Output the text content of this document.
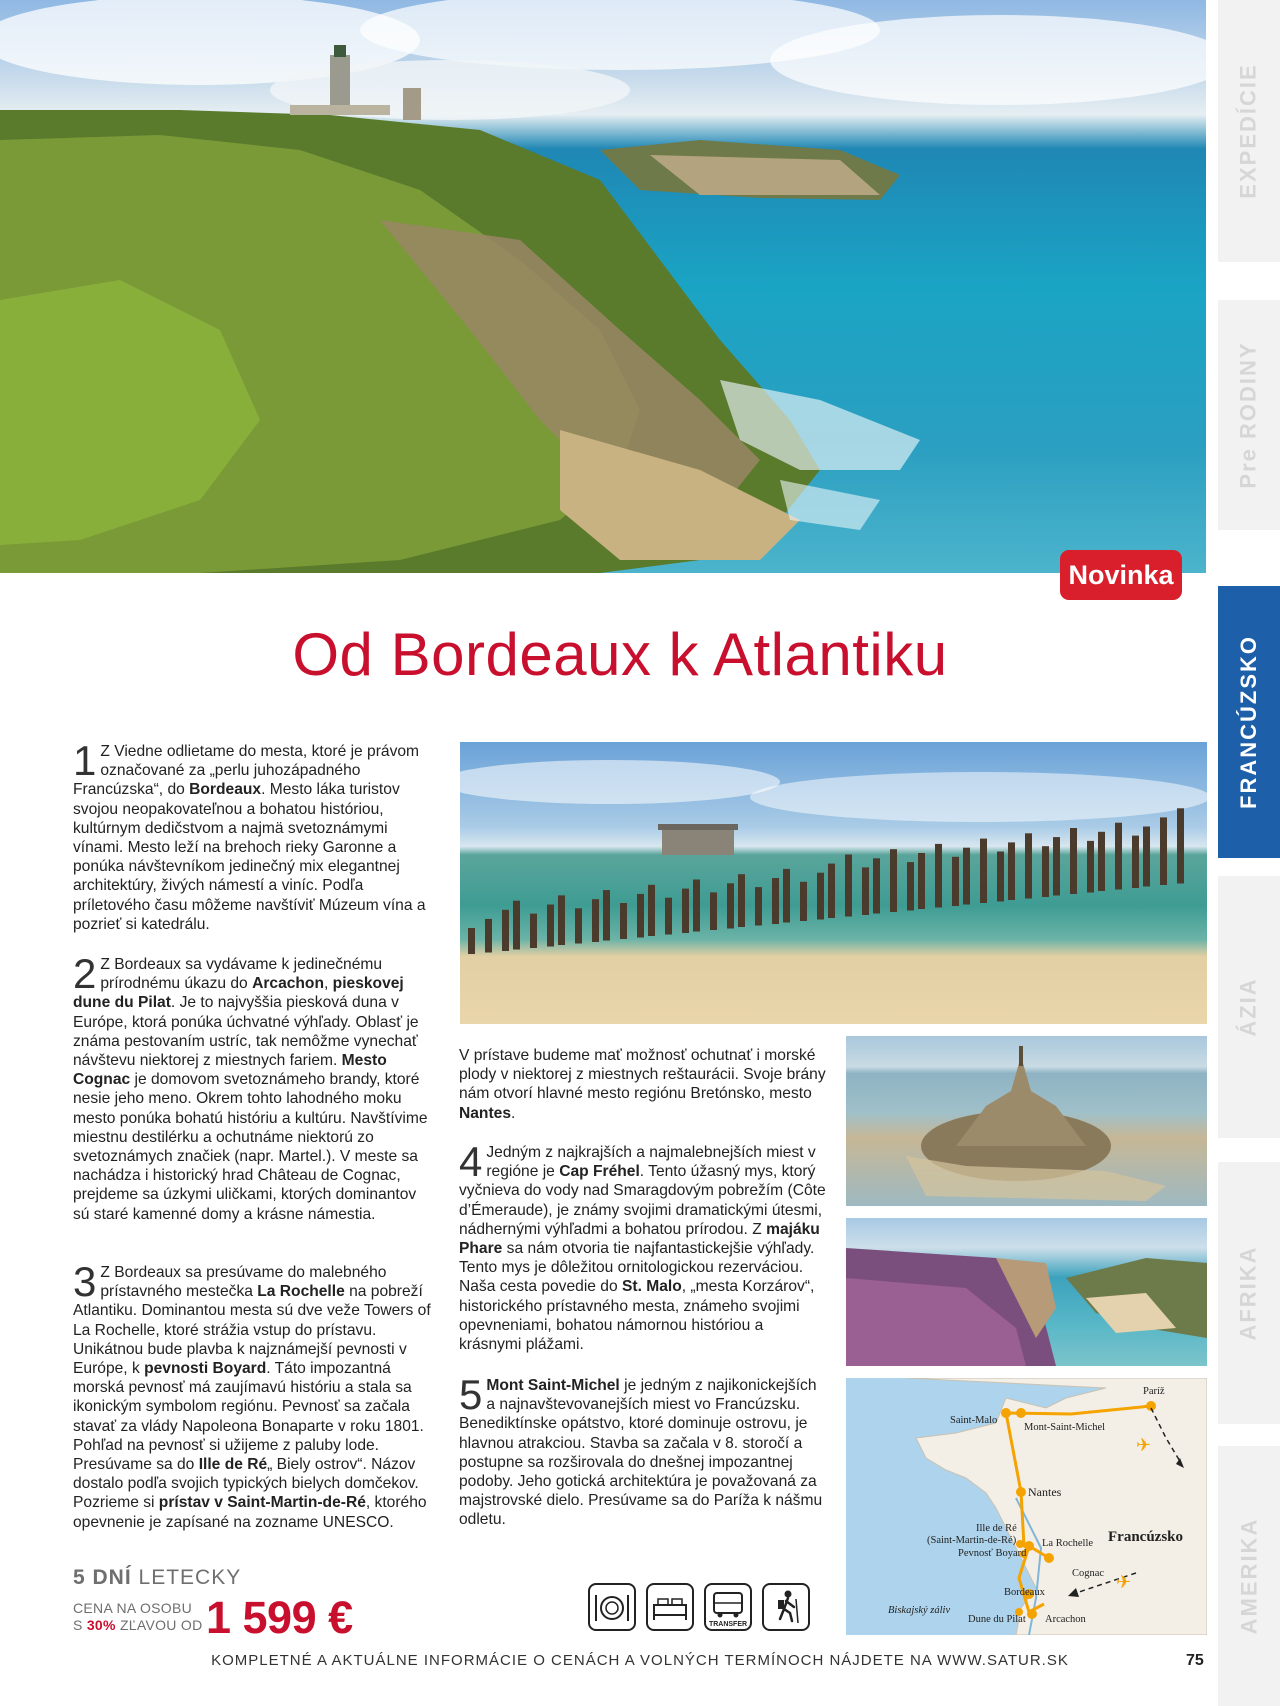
Novinka
EXPEDÍCIE
Pre RODINY
FRANCÚZSKO
ÁZIA
AFRIKA
AMERIKA
Od Bordeaux k Atlantiku

1 Z Viedne odlietame do mesta, ktoré je právom označované za „perlu juhozápadného Francúzska“, do Bordeaux. Mesto láka turistov svojou neopakovateľnou a bohatou históriou, kultúrnym dedičstvom a najmä svetoznámymi vínami. Mesto leží na brehoch rieky Garonne a ponúka návštevníkom jedinečný mix elegantnej architektúry, živých námestí a viníc. Podľa príletového času môžeme navštíviť Múzeum vína a pozrieť si katedrálu.

2 Z Bordeaux sa vydávame k jedinečnému prírodnému úkazu do Arcachon, pieskovej dune du Pilat. Je to najvyššia piesková duna v Európe, ktorá ponúka úchvatné výhľady. Oblasť je známa pestovaním ustríc, tak nemôžme vynechať návštevu niektorej z miestnych fariem. Mesto Cognac je domovom svetoznámeho brandy, ktoré nesie jeho meno. Okrem tohto lahodného moku mesto ponúka bohatú históriu a kultúru. Navštívime miestnu destilérku a ochutnáme niektorú zo svetoznámych značiek (napr. Martel.). V meste sa nachádza i historický hrad Château de Cognac, prejdeme sa úzkymi uličkami, ktorých dominantov sú staré kamenné domy a krásne námestia.

3 Z Bordeaux sa presúvame do malebného prístavného mestečka La Rochelle na pobreží Atlantiku. Dominantou mesta sú dve veže Towers of La Rochelle, ktoré strážia vstup do prístavu. Unikátnou bude plavba k najznámejší pevnosti v Európe, k pevnosti Boyard. Táto impozantná morská pevnosť má zaujímavú históriu a stala sa ikonickým symbolom regiónu. Pevnosť sa začala stavať za vlády Napoleona Bonaparte v roku 1801. Pohľad na pevnosť si užijeme z paluby lode. Presúvame sa do Ille de Ré„ Biely ostrov“. Názov dostalo podľa svojich typických bielych domčekov. Pozrieme si prístav v Saint-Martin-de-Ré, ktorého opevnenie je zapísané na zozname UNESCO.

V prístave budeme mať možnosť ochutnať i morské plody v niektorej z miestnych reštaurácii. Svoje brány nám otvorí hlavné mesto regiónu Bretónsko, mesto Nantes.

4 Jedným z najkrajších a najmalebnejších miest v regióne je Cap Fréhel. Tento úžasný mys, ktorý vyčnieva do vody nad Smaragdovým pobrežím (Côte d’Émeraude), je známy svojimi dramatickými útesmi, nádhernými výhľadmi a bohatou prírodou. Z majáku Phare sa nám otvoria tie najfantastickejšie výhľady. Tento mys je dôležitou ornitologickou rezerváciou. Naša cesta povedie do St. Malo, „mesta Korzárov“, historického prístavného mesta, známeho svojimi opevneniami, bohatou námornou históriou a krásnymi plážami.

5 Mont Saint-Michel je jedným z najikonickejších a najnavštevovanejších miest vo Francúzsku. Benediktínske opátstvo, ktoré dominuje ostrovu, je hlavnou atrakciou. Stavba sa začala v 8. storočí a postupne sa rozširovala do dnešnej impozantnej podoby. Jeho gotická architektúra je považovaná za majstrovské dielo. Presúvame sa do Paríža k nášmu odletu.

✈
✈
Paríž
Saint-Malo
Mont-Saint-Michel
Nantes
Ille de Ré
(Saint-Martin-de-Ré) La Rochelle
Pevnosť Boyard
Francúzsko
Cognac
Bordeaux
Biskajský záliv
Dune du Pilat Arcachon
5 DNÍ LETECKY
CENA NA OSOBU
S 30% ZĽAVOU OD 1 599 €	TRANSFER
KOMPLETNÉ A AKTUÁLNE INFORMÁCIE O CENÁCH A VOLNÝCH TERMÍNOCH NÁJDETE NA WWW.SATUR.SK	75
